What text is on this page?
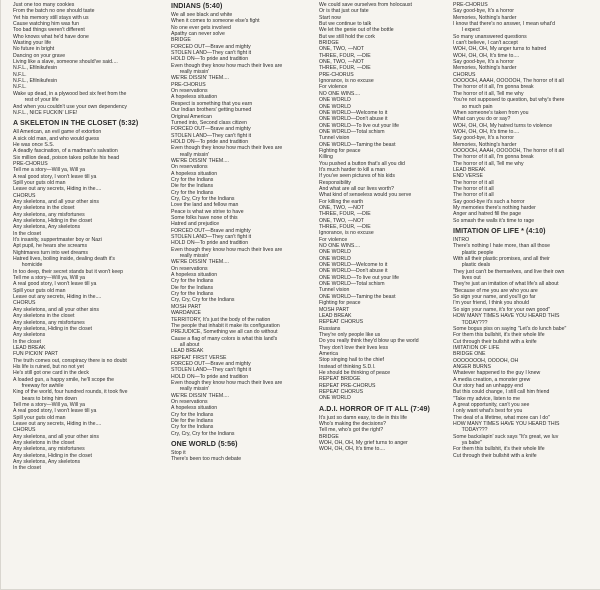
Just one too many cookies
From the batch no one should taste
Yet his memory still stays with us
Cause watching him was fun
Too bad things weren't different
Who knows what he'd have done
Wasting your life
No future in bright
Dancing on your grave
Living like a slave, someone should've said....
N.F.L., Efilnikufesin
N.F.L.
N.F.L., Efilnikufesin
N.F.L.
Wake up dead, in a plywood bed six feet from the
rest of your life
And when you couldn't use your own dependency
N.F.L., NICE FUCKIN' LIFE!
A SKELETON IN THE CLOSET (5:32)
All American, an evil game of extortion
A sick old man, and who would guess
He was once S.S.
A deadly fascination, of a madman's salvation
Six million dead, poison takes pollute his head
PRE-CHORUS
Tell me a story—Will ya, Will ya
A real good story, I won't leave till ya
Spill your guts old man
Leave out any secrets, Hiding in the....
CHORUS
Any skeletons, and all your other sins
Any skeletons in the closet
Any skeletons, any misfortunes
Any skeletons, Hiding in the closet
Any skeletons, Any skeletons
In the closet
It's insanity, suppertmaster boy or Nazi
Apt pupil, he hears she screams
Nightmares turn into wet dreams
Hatred lives, boiling inside, dealing death it's
homicide
In too deep, their secret stands but it won't keep
Tell me a story—Will ya, Will ya
A real good story, I won't leave till ya
Spill your guts old man
Leave out any secrets, Hiding in the....
CHORUS
Any skeletons, and all your other sins
Any skeletons in the closet
Any skeletons, any misfortunes
Any skeletons, Hiding in the closet
Any skeletons
In the closet
LEAD BREAK
FUN PICKIN' PART
The truth comes out, conspiracy there is no doubt
His life is ruined, but no not yet
He's still got one card in the deck
A loaded gun, a happy smile, he'll scope the
freeway for awhile
King of the world, four hundred rounds, it took five
bears to bring him down
Tell me a story—Will ya, Will ya
A real good story, I won't leave till ya
Spill your guts old man
Leave out any secrets, Hiding in the....
CHORUS
Any skeletons, and all your other sins
Any skeletons in the closet
Any skeletons, any misfortunes
Any skeletons, Hiding in the closet
Any skeletons, Any skeletons
In the closet
INDIANS (5:40)
We all see black and white
When it comes to someone else's fight
No one ever gets involved
Apathy can never solve
BRIDGE
FORCED OUT—Brave and mighty
STOLEN LAND—They can't fight it
HOLD ON—To pride and tradition
Even though they know how much their lives are
really missin'
WE'RE DISSIN' THEM....
PRE-CHORUS
On reservations
A hopeless situation
Respect is something that you earn
Our Indian brothers' getting burned
Original American
Turned into, Second class citizen
FORCED OUT—Brave and mighty
STOLEN LAND—They can't fight it
HOLD ON—To pride and tradition
Even though they know how much their lives are
really missin'
WE'RE DISSIN' THEM....
On reservations
A hopeless situation
Cry for the Indians
Die for the Indians
Cry for the Indians
Cry, Cry, Cry for the Indians
Love the land and fellow man
Peace is what we strive to have
Some folks have none of this
Hatred and prejudice
FORCED OUT—Brave and mighty
STOLEN LAND—They can't fight it
HOLD ON—To pride and tradition
Even though they know how much their lives are
really missin'
WE'RE DISSIN' THEM....
On reservations
A hopeless situation
Cry for the Indians
Die for the Indians
Cry for the Indians
Cry, Cry, Cry for the Indians
MOSH PART
WARDANCE
TERRITORY, It's just the body of the nation
The people that inhabit it make its configuration
PREJUDICE, Something we all can do without
Cause a flag of many colors is what this land's
all about
LEAD BREAK
REPEAT FIRST VERSE
FORCED OUT—Brave and mighty
STOLEN LAND—They can't fight it
HOLD ON—To pride and tradition
Even though they know how much their lives are
really missin'
WE'RE DISSIN' THEM....
On reservations
A hopeless situation
Cry for the Indians
Die for the Indians
Cry for the Indians
Cry, Cry, Cry for the Indians
ONE WORLD (5:56)
Stop it
There's been too much debate
We could save ourselves from holocaust
Or is that just our fate
Start now
But we continue to talk
We let the genie out of the bottle
But we still hold the cork
BRIDGE
ONE, TWO, —NOT
THREE, FOUR, —DIE
ONE, TWO, —NOT
THREE, FOUR, —DIE
PRE-CHORUS
Ignorance, is no excuse
For violence
NO ONE WINS....
ONE WORLD
ONE WORLD
ONE WORLD—Welcome to it
ONE WORLD—Don't abuse it
ONE WORLD—To live out your life
ONE WORLD—Total schism
Tunnel vision
ONE WORLD—Taming the beast
Fighting for peace
Killing
You pushed a button that's all you did
It's much harder to kill a man
If you've seen pictures of his kids
Responsibility
And what are all our lives worth?
What kind of senseless would you serve
For killing the earth
ONE, TWO, —NOT
THREE, FOUR, —DIE
ONE, TWO, —NOT
THREE, FOUR, —DIE
Ignorance, is no excuse
For violence
NO ONE WINS....
ONE WORLD
ONE WORLD
ONE WORLD—Welcome to it
ONE WORLD—Don't abuse it
ONE WORLD—To live out your life
ONE WORLD—Total schism
Tunnel vision
ONE WORLD—Taming the beast
Fighting for peace
MOSH PART
LEAD BREAK
REPEAT CHORUS
Russians
They're only people like us
Do you really think they'd blow up the world
They don't love their lives less
America
Stop singing hail to the chief
Instead of thinking S.D.I.
He should be thinking of peace
REPEAT BRIDGE
REPEAT PRE-CHORUS
REPEAT CHORUS
ONE WORLD
A.D.I. HORROR OF IT ALL (7:49)
It's just so damn easy, to die in this life
Who's making the decisions?
Tell me, who's got the right?
BRIDGE
WOH, OH, OH, My grief turns to anger
WOH, OH, OH, It's time to....
PRE-CHORUS
Say good-bye, It's a horror
Memories, Nothing's harder
I know that there's no answer, I mean what'd
I expect
So many unanswered questions
I can't believe, I can't accept
WOH, OH, OH, My anger turns to hatred
WOH, OH, OH, It's time to....
Say good-bye, It's a horror
Memories, Nothing's harder
CHORUS
OOOOOH, AAAH, OOOOOH, The horror of it all
The horror of it all, I'm gonna break
The horror of it all, Tell me why
You're not supposed to question, but why's there
so much pain
When someone's taken from you
What can you do or say?
WOH, OH, OH, My hatred turns to violence
WOH, OH, OH, It's time to....
Say good-bye, It's a horror
Memories, Nothing's harder
OOOOOH, AAAH, OOOOOH, The horror of it all
The horror of it all, I'm gonna break
The horror of it all, Tell me why
LEAD BREAK
END VERSE
The horror of it all
The horror of it all
The horror of it all
Say good-bye it's such a horror
My memories there's nothing harder
Anger and hatred fill the page
So smash the walls it's time to rage
IMITATION OF LIFE * (4:10)
INTRO
There's nothing I hate more, than all those
plastic people
With all their plastic promises, and all their
plastic deals
They just can't be themselves, and live their own
lives out
They're just an imitation of what life's all about
"Because of me you are who you are
So sign your name, and you'll go far
I'm your friend, I think you should
So sign your name, it's for your own good"
HOW MANY TIMES HAVE YOU HEARD THIS
TODAY???
Some bogus piss on saying "Let's do lunch babe"
For them this bullshit, it's their whole life
Cut through their bullshit with a knife
IMITATION OF LIFE
BRIDGE ONE
OOOOOOOH, OOOOH, OH
ANGER BURNS
Whatever happened to the guy I knew
A media creation, a monster grew
Our story had an unhappy end
But this could change, I still call him friend
"Take my advice, listen to me
A great opportunity, can't you see
I only want what's best for you
The deal of a lifetime, what more can I do"
HOW MANY TIMES HAVE YOU HEARD THIS
TODAY???
Some backslapin' suck says "It's great, we luv
ya babe"
For them this bullshit, it's their whole life
Cut through their bullshit with a knife
